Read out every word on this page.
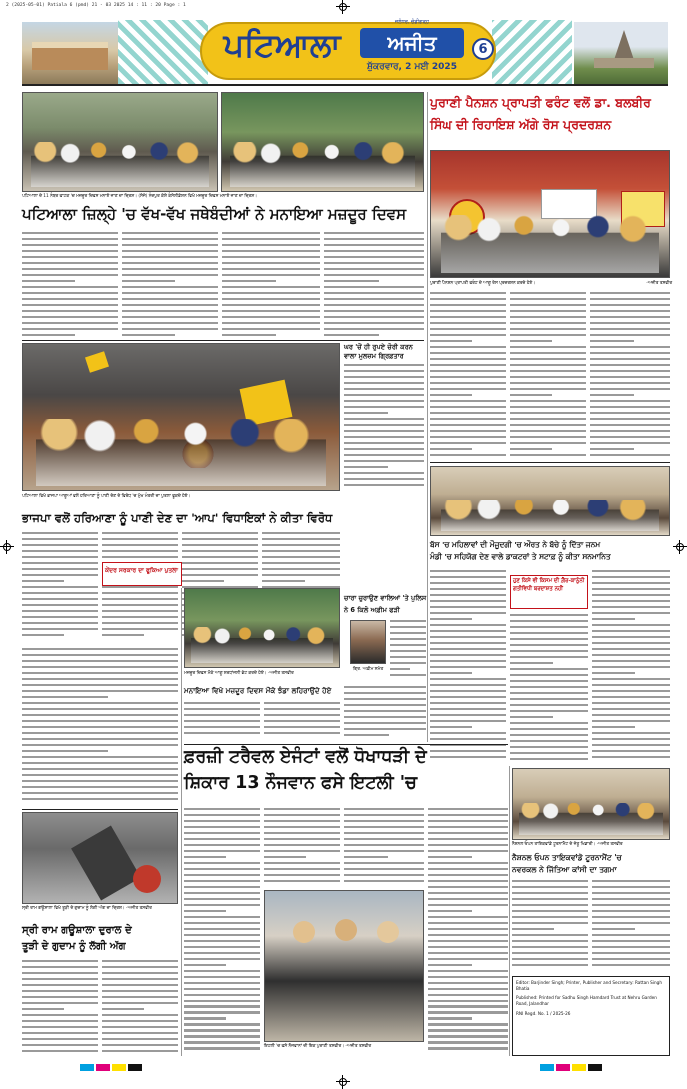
2 (2025-05-01) Patiala 6 (pmd) 21 - 03 2025 14 : 11 : 20 Page : 1
ਪਟਿਆਲਾ	ਅਜੀਤ
ਜਲੰਧਰ, ਚੰਡੀਗੜ੍ਹ
ਸ਼ੁੱਕਰਵਾਰ, 2 ਮਈ 2025
6
ਪਟਿਆਲਾ ਦੇ 11 ਨੰਬਰ ਫਾਟਕ 'ਚ ਮਜ਼ਦੂਰ ਦਿਵਸ ਮਨਾਏ ਜਾਣ ਦਾ ਦ੍ਰਿਸ਼। (ਸੱਜੇ) ਨੰਦਪੁਰ ਕੇਸ਼ੋ ਕੰਸੋਲੀਡੇਸ਼ਨ ਵਿਖੇ ਮਜ਼ਦੂਰ ਦਿਵਸ ਮਨਾਏ ਜਾਣ ਦਾ ਦ੍ਰਿਸ਼।
ਪਟਿਆਲਾ ਜ਼ਿਲ੍ਹੇ 'ਚ ਵੱਖ-ਵੱਖ ਜਥੇਬੰਦੀਆਂ ਨੇ ਮਨਾਇਆ ਮਜ਼ਦੂਰ ਦਿਵਸ
ਪੁਰਾਣੀ ਪੈਨਸ਼ਨ ਪ੍ਰਾਪਤੀ ਫਰੰਟ ਵਲੋਂ ਡਾ. ਬਲਬੀਰ
ਸਿੰਘ ਦੀ ਰਿਹਾਇਸ਼ ਅੱਗੇ ਰੋਸ ਪ੍ਰਦਰਸ਼ਨ
ਪੁਰਾਣੀ ਪੈਨਸ਼ਨ ਪ੍ਰਾਪਤੀ ਫਰੰਟ ਦੇ ਆਗੂ ਰੋਸ ਪ੍ਰਦਰਸ਼ਨ ਕਰਦੇ ਹੋਏ।	-ਅਜੀਤ ਤਸਵੀਰ
ਘਰ 'ਚੋਂ ਹੀ ਰੁਪਏ ਚੋਰੀ ਕਰਨ ਵਾਲਾ ਮੁਲਜ਼ਮ ਗ੍ਰਿਫ਼ਤਾਰ
ਪਟਿਆਲਾ ਵਿਖੇ ਭਾਜਪਾ ਆਗੂਆਂ ਵਲੋਂ ਹਰਿਆਣਾ ਨੂੰ ਪਾਣੀ ਦੇਣ ਦੇ ਵਿਰੋਧ 'ਚ ਮੁੱਖ ਮੰਤਰੀ ਦਾ ਪੁਤਲਾ ਫੂਕਦੇ ਹੋਏ।
ਭਾਜਪਾ ਵਲੋਂ ਹਰਿਆਣਾ ਨੂੰ ਪਾਣੀ ਦੇਣ ਦਾ 'ਆਪ' ਵਿਧਾਇਕਾਂ ਨੇ ਕੀਤਾ ਵਿਰੋਧ
ਕੇਂਦਰ ਸਰਕਾਰ ਦਾ ਫੂਕਿਆ ਪੁਤਲਾ
ਬੱਸ 'ਚ ਮਹਿਲਾਵਾਂ ਦੀ ਮੌਜੂਦਗੀ 'ਚ ਔਰਤ ਨੇ ਬੱਚੇ ਨੂੰ ਦਿੱਤਾ ਜਨਮ
ਮੰਡੀ 'ਚ ਸਹਿਯੋਗ ਦੇਣ ਵਾਲੇ ਡਾਕਟਰਾਂ ਤੇ ਸਟਾਫ਼ ਨੂੰ ਕੀਤਾ ਸਨਮਾਨਿਤ
ਹੁਣ ਕਿਸੇ ਵੀ ਕਿਸਮ ਦੀ ਗ਼ੈਰ-ਕਾਨੂੰਨੀ ਗਤੀਵਿਧੀ ਬਰਦਾਸ਼ਤ ਨਹੀਂ
ਮਜ਼ਦੂਰ ਦਿਵਸ ਮੌਕੇ ਆਗੂ ਸ਼ਰਧਾਂਜਲੀ ਭੇਟ ਕਰਦੇ ਹੋਏ। -ਅਜੀਤ ਤਸਵੀਰ
ਚਾਰਾ ਚੁਰਾਉਣ ਵਾਲਿਆਂ 'ਤੇ ਪੁਲਿਸ
ਨੇ 6 ਕਿਲੋ ਅਫ਼ੀਮ ਫੜੀ
ਗ੍ਰਿ. ਅਫ਼ੀਮ ਸਮੇਤ
ਮਨਾਇਆ ਵਿਖੇ ਮਜ਼ਦੂਰ ਦਿਵਸ ਮੌਕੇ ਝੰਡਾ ਲਹਿਰਾਉਂਦੇ ਹੋਏ
ਫ਼ਰਜ਼ੀ ਟਰੈਵਲ ਏਜੰਟਾਂ ਵਲੋਂ ਧੋਖਾਧੜੀ ਦੇ
ਸ਼ਿਕਾਰ 13 ਨੌਜਵਾਨ ਫਸੇ ਇਟਲੀ 'ਚ
ਨੈਸ਼ਨਲ ਓਪਨ ਤਾਇਕਵਾਂਡੋ ਟੂਰਨਾਮੈਂਟ ਦੇ ਜੇਤੂ ਖਿਡਾਰੀ। -ਅਜੀਤ ਤਸਵੀਰ
ਨੈਸ਼ਨਲ ਓਪਨ ਤਾਇਕਵਾਂਡੋ ਟੂਰਨਾਮੈਂਟ 'ਚ
ਨਵਰਕਲ ਨੇ ਜਿੱਤਿਆ ਕਾਂਸੀ ਦਾ ਤਗਮਾ
ਸ੍ਰੀ ਰਾਮ ਗਊਸ਼ਾਲਾ ਵਿਖੇ ਤੂੜੀ ਦੇ ਗੁਦਾਮ ਨੂੰ ਲੱਗੀ ਅੱਗ ਦਾ ਦ੍ਰਿਸ਼। -ਅਜੀਤ ਤਸਵੀਰ
ਸ੍ਰੀ ਰਾਮ ਗਊਸ਼ਾਲਾ ਦੁਰਾਲ ਦੇ
ਤੂੜੀ ਦੇ ਗੁਦਾਮ ਨੂੰ ਲੱਗੀ ਅੱਗ
ਇਟਲੀ 'ਚ ਫਸੇ ਨੌਜਵਾਨਾਂ ਦੀ ਇਕ ਪੁਰਾਣੀ ਤਸਵੀਰ। -ਅਜੀਤ ਤਸਵੀਰ
Editor: Barjinder Singh; Printer, Publisher and Secretary: Rattan Singh Bhatia
Published: Printed for Sadhu Singh Hamdard Trust at Nehru Garden Road, Jalandhar
RNI Regd. No. 1 / 2025-26
